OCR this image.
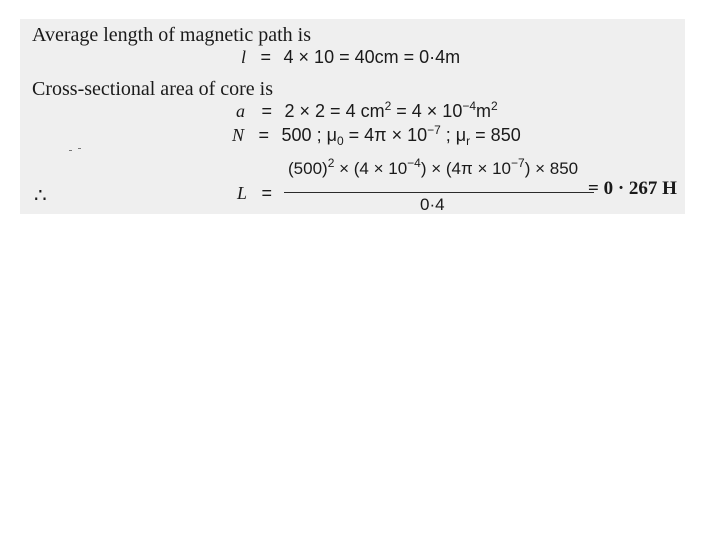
Average length of magnetic path is
l = 4 × 10 = 40cm = 0·4m
Cross-sectional area of core is
a = 2 × 2 = 4 $cm^2 = 4 \times 10^{-4}m^2$
N = 500 ; $\mu_0 = 4\pi \times 10^{-7}$ ; $\mu_r = 850$
∴	L =
$(500)^2 \times (4 \times 10^{-4}) \times (4\pi \times 10^{-7}) \times 850$
0·4
= 0 · 267 H
